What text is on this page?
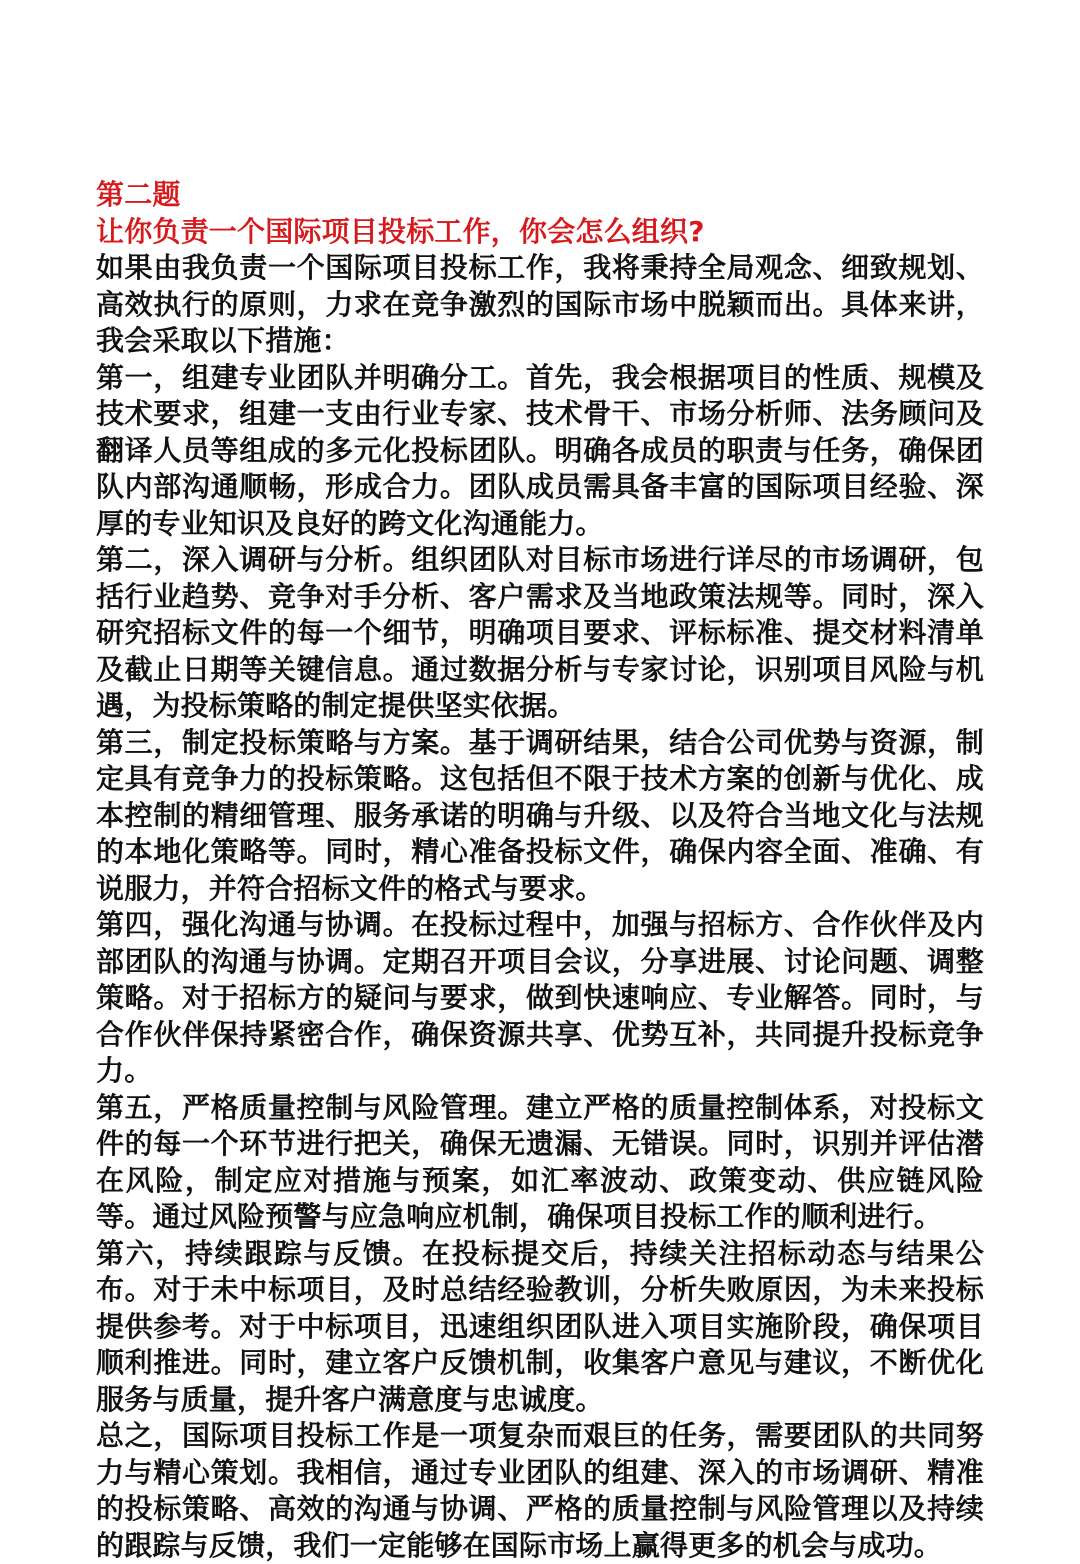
第二题

让你负责一个国际项目投标工作，你会怎么组织?

如果由我负责一个国际项目投标工作，我将秉持全局观念、细致规划、高效执行的原则，力求在竞争激烈的国际市场中脱颖而出。具体来讲，我会采取以下措施：

第一，组建专业团队并明确分工。首先，我会根据项目的性质、规模及技术要求，组建一支由行业专家、技术骨干、市场分析师、法务顾问及翻译人员等组成的多元化投标团队。明确各成员的职责与任务，确保团队内部沟通顺畅，形成合力。团队成员需具备丰富的国际项目经验、深厚的专业知识及良好的跨文化沟通能力。

第二，深入调研与分析。组织团队对目标市场进行详尽的市场调研，包括行业趋势、竞争对手分析、客户需求及当地政策法规等。同时，深入研究招标文件的每一个细节，明确项目要求、评标标准、提交材料清单及截止日期等关键信息。通过数据分析与专家讨论，识别项目风险与机遇，为投标策略的制定提供坚实依据。

第三，制定投标策略与方案。基于调研结果，结合公司优势与资源，制定具有竞争力的投标策略。这包括但不限于技术方案的创新与优化、成本控制的精细管理、服务承诺的明确与升级、以及符合当地文化与法规的本地化策略等。同时，精心准备投标文件，确保内容全面、准确、有说服力，并符合招标文件的格式与要求。

第四，强化沟通与协调。在投标过程中，加强与招标方、合作伙伴及内部团队的沟通与协调。定期召开项目会议，分享进展、讨论问题、调整策略。对于招标方的疑问与要求，做到快速响应、专业解答。同时，与合作伙伴保持紧密合作，确保资源共享、优势互补，共同提升投标竞争力。

第五，严格质量控制与风险管理。建立严格的质量控制体系，对投标文件的每一个环节进行把关，确保无遗漏、无错误。同时，识别并评估潜在风险，制定应对措施与预案，如汇率波动、政策变动、供应链风险等。通过风险预警与应急响应机制，确保项目投标工作的顺利进行。

第六，持续跟踪与反馈。在投标提交后，持续关注招标动态与结果公布。对于未中标项目，及时总结经验教训，分析失败原因，为未来投标提供参考。对于中标项目，迅速组织团队进入项目实施阶段，确保项目顺利推进。同时，建立客户反馈机制，收集客户意见与建议，不断优化服务与质量，提升客户满意度与忠诚度。

总之，国际项目投标工作是一项复杂而艰巨的任务，需要团队的共同努力与精心策划。我相信，通过专业团队的组建、深入的市场调研、精准的投标策略、高效的沟通与协调、严格的质量控制与风险管理以及持续的跟踪与反馈，我们一定能够在国际市场上赢得更多的机会与成功。
